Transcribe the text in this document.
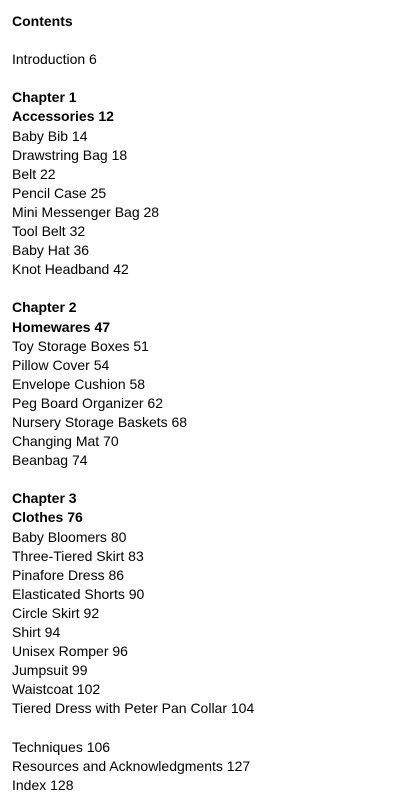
Contents
Introduction 6
Chapter 1
Accessories 12
Baby Bib 14
Drawstring Bag 18
Belt 22
Pencil Case 25
Mini Messenger Bag 28
Tool Belt 32
Baby Hat 36
Knot Headband 42
Chapter 2
Homewares 47
Toy Storage Boxes 51
Pillow Cover 54
Envelope Cushion 58
Peg Board Organizer 62
Nursery Storage Baskets 68
Changing Mat 70
Beanbag 74
Chapter 3
Clothes 76
Baby Bloomers 80
Three-Tiered Skirt 83
Pinafore Dress 86
Elasticated Shorts 90
Circle Skirt 92
Shirt 94
Unisex Romper 96
Jumpsuit 99
Waistcoat 102
Tiered Dress with Peter Pan Collar 104
Techniques 106
Resources and Acknowledgments 127
Index 128
